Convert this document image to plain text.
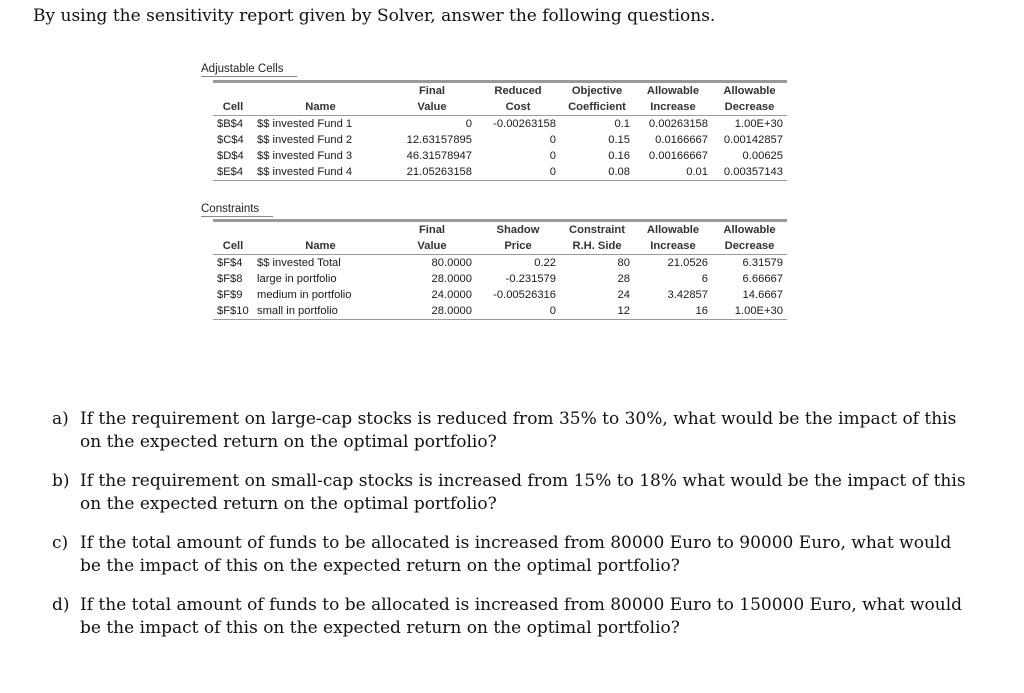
By using the sensitivity report given by Solver, answer the following questions.
Adjustable Cells
		Final	Reduced	Objective	Allowable	Allowable
Cell	Name	Value	Cost	Coefficient	Increase	Decrease
$B$4	$$ invested Fund 1	0	-0.00263158	0.1	0.00263158	1.00E+30
$C$4	$$ invested Fund 2	12.63157895	0	0.15	0.0166667	0.00142857
$D$4	$$ invested Fund 3	46.31578947	0	0.16	0.00166667	0.00625
$E$4	$$ invested Fund 4	21.05263158	0	0.08	0.01	0.00357143
Constraints
		Final	Shadow	Constraint	Allowable	Allowable
Cell	Name	Value	Price	R.H. Side	Increase	Decrease
$F$4	$$ invested Total	80.0000	0.22	80	21.0526	6.31579
$F$8	large in portfolio	28.0000	-0.231579	28	6	6.66667
$F$9	medium in portfolio	24.0000	-0.00526316	24	3.42857	14.6667
$F$10	small in portfolio	28.0000	0	12	16	1.00E+30
a) If the requirement on large-cap stocks is reduced from 35% to 30%, what would be the impact of this on the expected return on the optimal portfolio?
b) If the requirement on small-cap stocks is increased from 15% to 18% what would be the impact of this on the expected return on the optimal portfolio?
c) If the total amount of funds to be allocated is increased from 80000 Euro to 90000 Euro, what would be the impact of this on the expected return on the optimal portfolio?
d) If the total amount of funds to be allocated is increased from 80000 Euro to 150000 Euro, what would be the impact of this on the expected return on the optimal portfolio?
